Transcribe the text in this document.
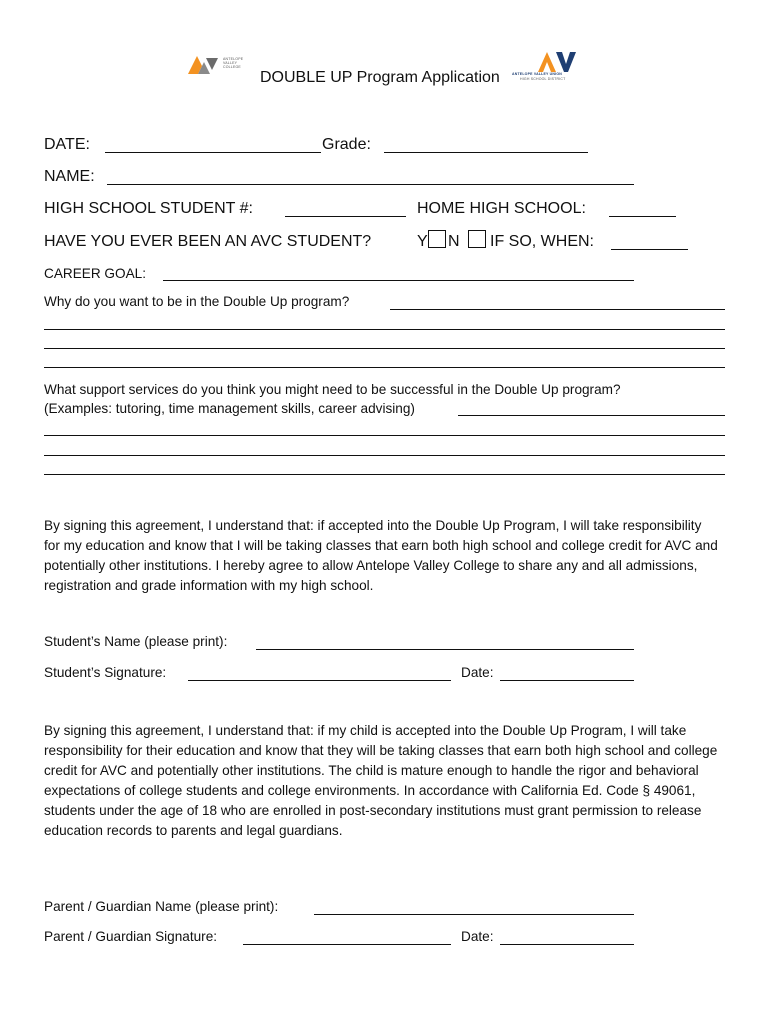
ANTELOPE
VALLEY
COLLEGE
ANTELOPE VALLEY UNION
HIGH SCHOOL DISTRICT
DOUBLE UP Program Application
DATE:	Grade:
NAME:
HIGH SCHOOL STUDENT #:	HOME HIGH SCHOOL:
HAVE YOU EVER BEEN AN AVC STUDENT?	Y N IF SO, WHEN:
CAREER GOAL:
Why do you want to be in the Double Up program?
What support services do you think you might need to be successful in the Double Up program?
(Examples: tutoring, time management skills, career advising)
By signing this agreement, I understand that: if accepted into the Double Up Program, I will take responsibility for my education and know that I will be taking classes that earn both high school and college credit for AVC and potentially other institutions. I hereby agree to allow Antelope Valley College to share any and all admissions, registration and grade information with my high school.
Student’s Name (please print):
Student’s Signature:	Date:
By signing this agreement, I understand that: if my child is accepted into the Double Up Program, I will take responsibility for their education and know that they will be taking classes that earn both high school and college credit for AVC and potentially other institutions. The child is mature enough to handle the rigor and behavioral expectations of college students and college environments. In accordance with California Ed. Code § 49061, students under the age of 18 who are enrolled in post-secondary institutions must grant permission to release education records to parents and legal guardians.
Parent / Guardian Name (please print):
Parent / Guardian Signature:	Date:
